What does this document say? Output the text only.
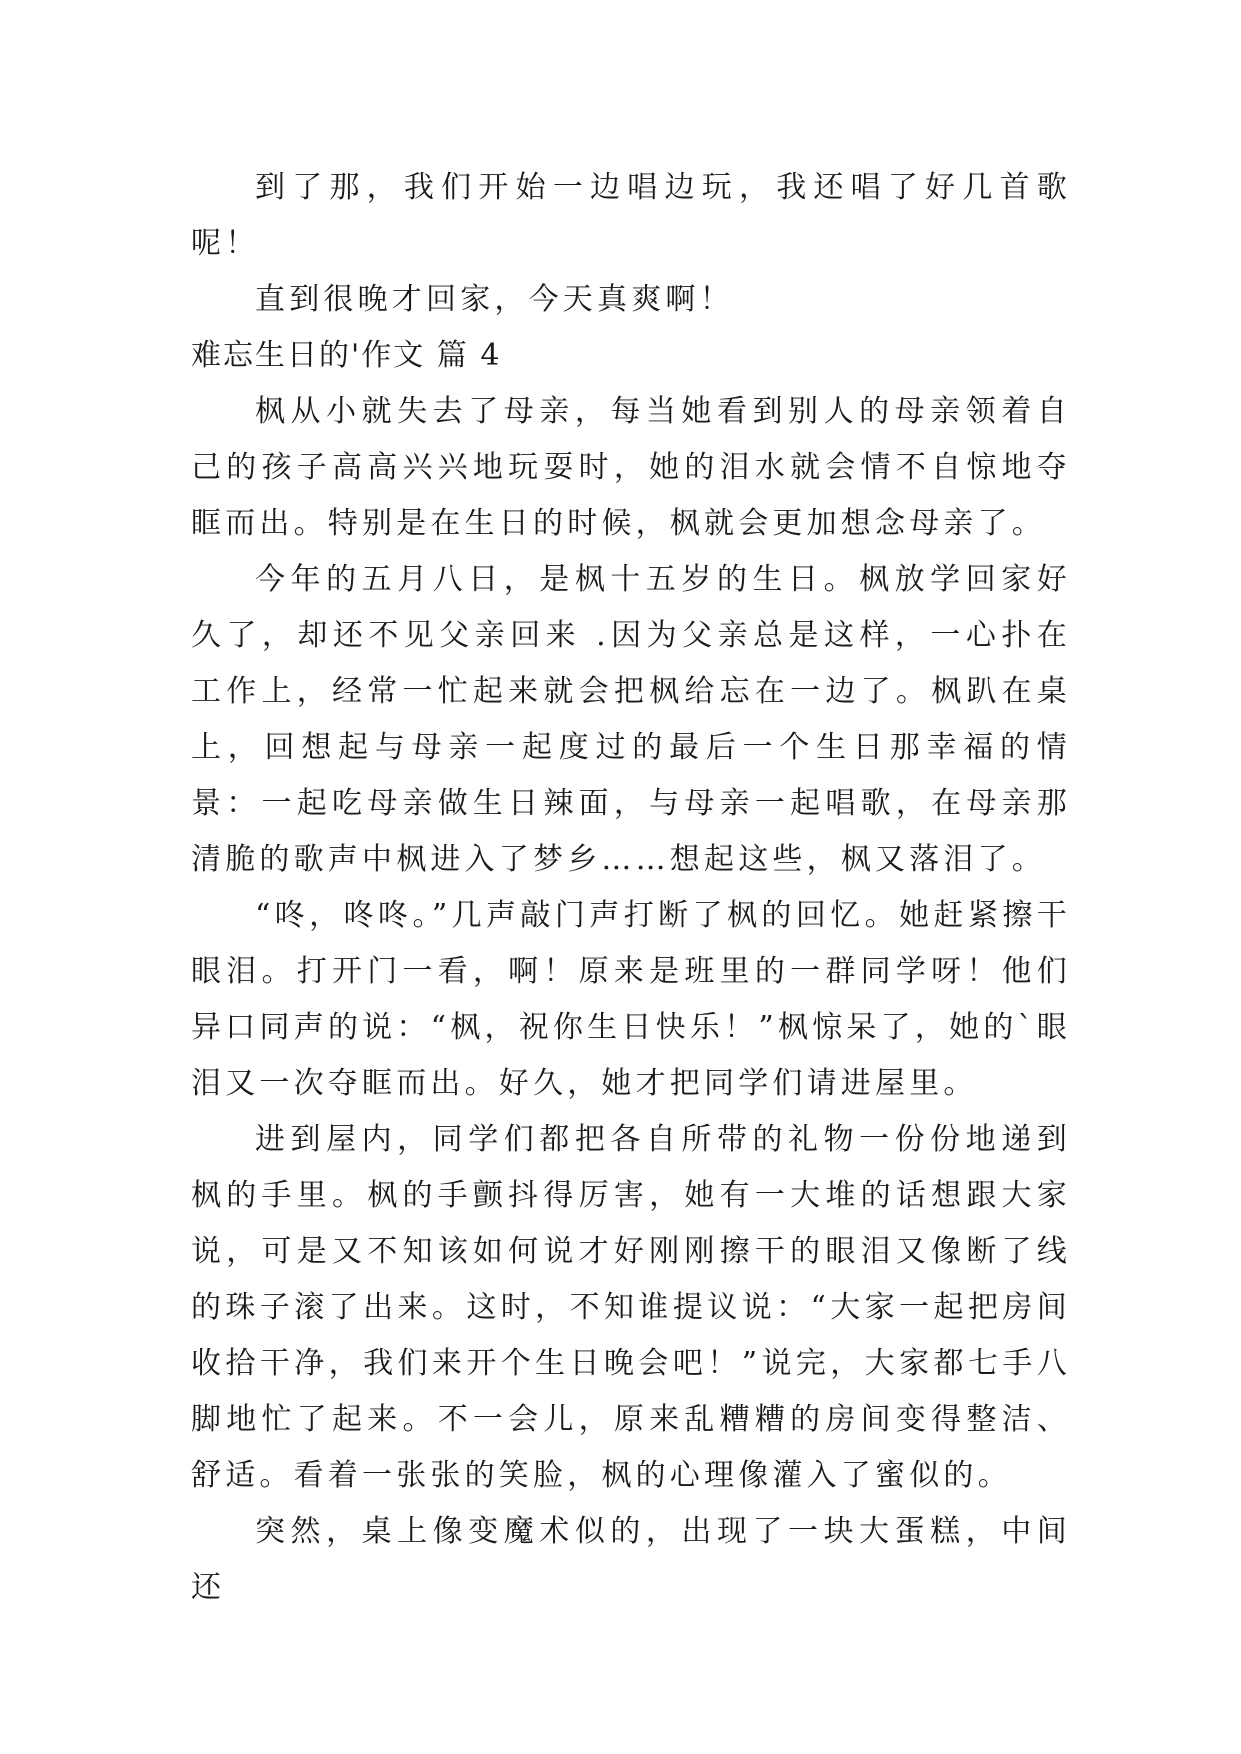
到了那，我们开始一边唱边玩，我还唱了好几首歌呢！

直到很晚才回家，今天真爽啊！

难忘生日的'作文 篇 4

枫从小就失去了母亲，每当她看到别人的母亲领着自己的孩子高高兴兴地玩耍时，她的泪水就会情不自惊地夺眶而出。特别是在生日的时候，枫就会更加想念母亲了。

今年的五月八日，是枫十五岁的生日。枫放学回家好久了，却还不见父亲回来 .因为父亲总是这样，一心扑在工作上，经常一忙起来就会把枫给忘在一边了。枫趴在桌上，回想起与母亲一起度过的最后一个生日那幸福的情景：一起吃母亲做生日辣面，与母亲一起唱歌，在母亲那清脆的歌声中枫进入了梦乡……想起这些，枫又落泪了。

“咚，咚咚。”几声敲门声打断了枫的回忆。她赶紧擦干眼泪。打开门一看，啊！原来是班里的一群同学呀！他们异口同声的说：“枫，祝你生日快乐！”枫惊呆了，她的`眼泪又一次夺眶而出。好久，她才把同学们请进屋里。

进到屋内，同学们都把各自所带的礼物一份份地递到枫的手里。枫的手颤抖得厉害，她有一大堆的话想跟大家说，可是又不知该如何说才好刚刚擦干的眼泪又像断了线的珠子滚了出来。这时，不知谁提议说：“大家一起把房间收拾干净，我们来开个生日晚会吧！”说完，大家都七手八脚地忙了起来。不一会儿，原来乱糟糟的房间变得整洁、舒适。看着一张张的笑脸，枫的心理像灌入了蜜似的。

突然，桌上像变魔术似的，出现了一块大蛋糕，中间还
